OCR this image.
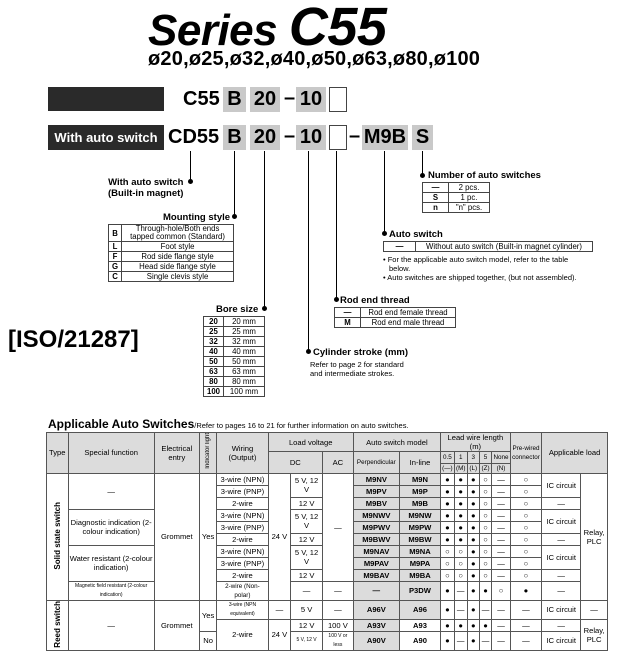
Series C55
ø20,ø25,ø32,ø40,ø50,ø63,ø80,ø100
C55 B 20 – 10
With auto switch CD55 B 20 – 10 – M9B S
With auto switch
(Built-in magnet)
Mounting style
B	Through-hole/Both ends tapped common (Standard)
L	Foot style
F	Rod side flange style
G	Head side flange style
C	Single clevis style
Bore size
20	20 mm
25	25 mm
32	32 mm
40	40 mm
50	50 mm
63	63 mm
80	80 mm
100	100 mm
Number of auto switches
—	2 pcs.
S	1 pc.
n	"n" pcs.
Auto switch
—	Without auto switch (Built-in magnet cylinder)
• For the applicable auto switch model, refer to the table
below.
• Auto switches are shipped together, (but not assembled).
Rod end thread
—	Rod end female thread
M	Rod end male thread
Cylinder stroke (mm)
Refer to page 2 for standard
and intermediate strokes.
[ISO/21287]
Applicable Auto Switches/Refer to pages 16 to 21 for further information on auto switches.
Type	Special function	Electrical entry	Indicator light	Wiring (Output)	Load voltage			Auto switch model		Lead wire length (m)					Pre-wired connector	Applicable load	
					DC		AC	Perpendicular	In-line	0.5	1	3	5	None			
										(—)	(M)	(L)	(Z)	(N)			
Solid state switch	—	Grommet	Yes	3-wire (NPN)	24 V	5 V, 12 V	—	M9NV	M9N	●	●	●	○	—	○	IC circuit	Relay, PLC
				3-wire (PNP)				M9PV	M9P	●	●	●	○	—	○		
				2-wire		12 V		M9BV	M9B	●	●	●	○	—	○	—	
	Diagnostic indication (2-colour indication)			3-wire (NPN)		5 V, 12 V		M9NWV	M9NW	●	●	●	○	—	○	IC circuit	
				3-wire (PNP)				M9PWV	M9PW	●	●	●	○	—	○		
				2-wire		12 V		M9BWV	M9BW	●	●	●	○	—	○	—	
	Water resistant (2-colour indication)			3-wire (NPN)		5 V, 12 V		M9NAV	M9NA	○	○	●	○	—	○	IC circuit	
				3-wire (PNP)				M9PAV	M9PA	○	○	●	○	—	○		
				2-wire		12 V		M9BAV	M9BA	○	○	●	○	—	○	—	
	Magnetic field resistant (2-colour indication)			2-wire (Non-polar)		—	—	—	P3DW	●	—	●	●	○	●	—	
Reed switch	—	Grommet	Yes	3-wire (NPN equivalent)	—	5 V	—	A96V	A96	●	—	●	—	—	—	IC circuit	—
				2-wire	24 V	12 V	100 V	A93V	A93	●	●	●	●	—	—	—	Relay, PLC
			No			5 V, 12 V	100 V or less	A90V	A90	●	—	●	—	—	—	IC circuit	
